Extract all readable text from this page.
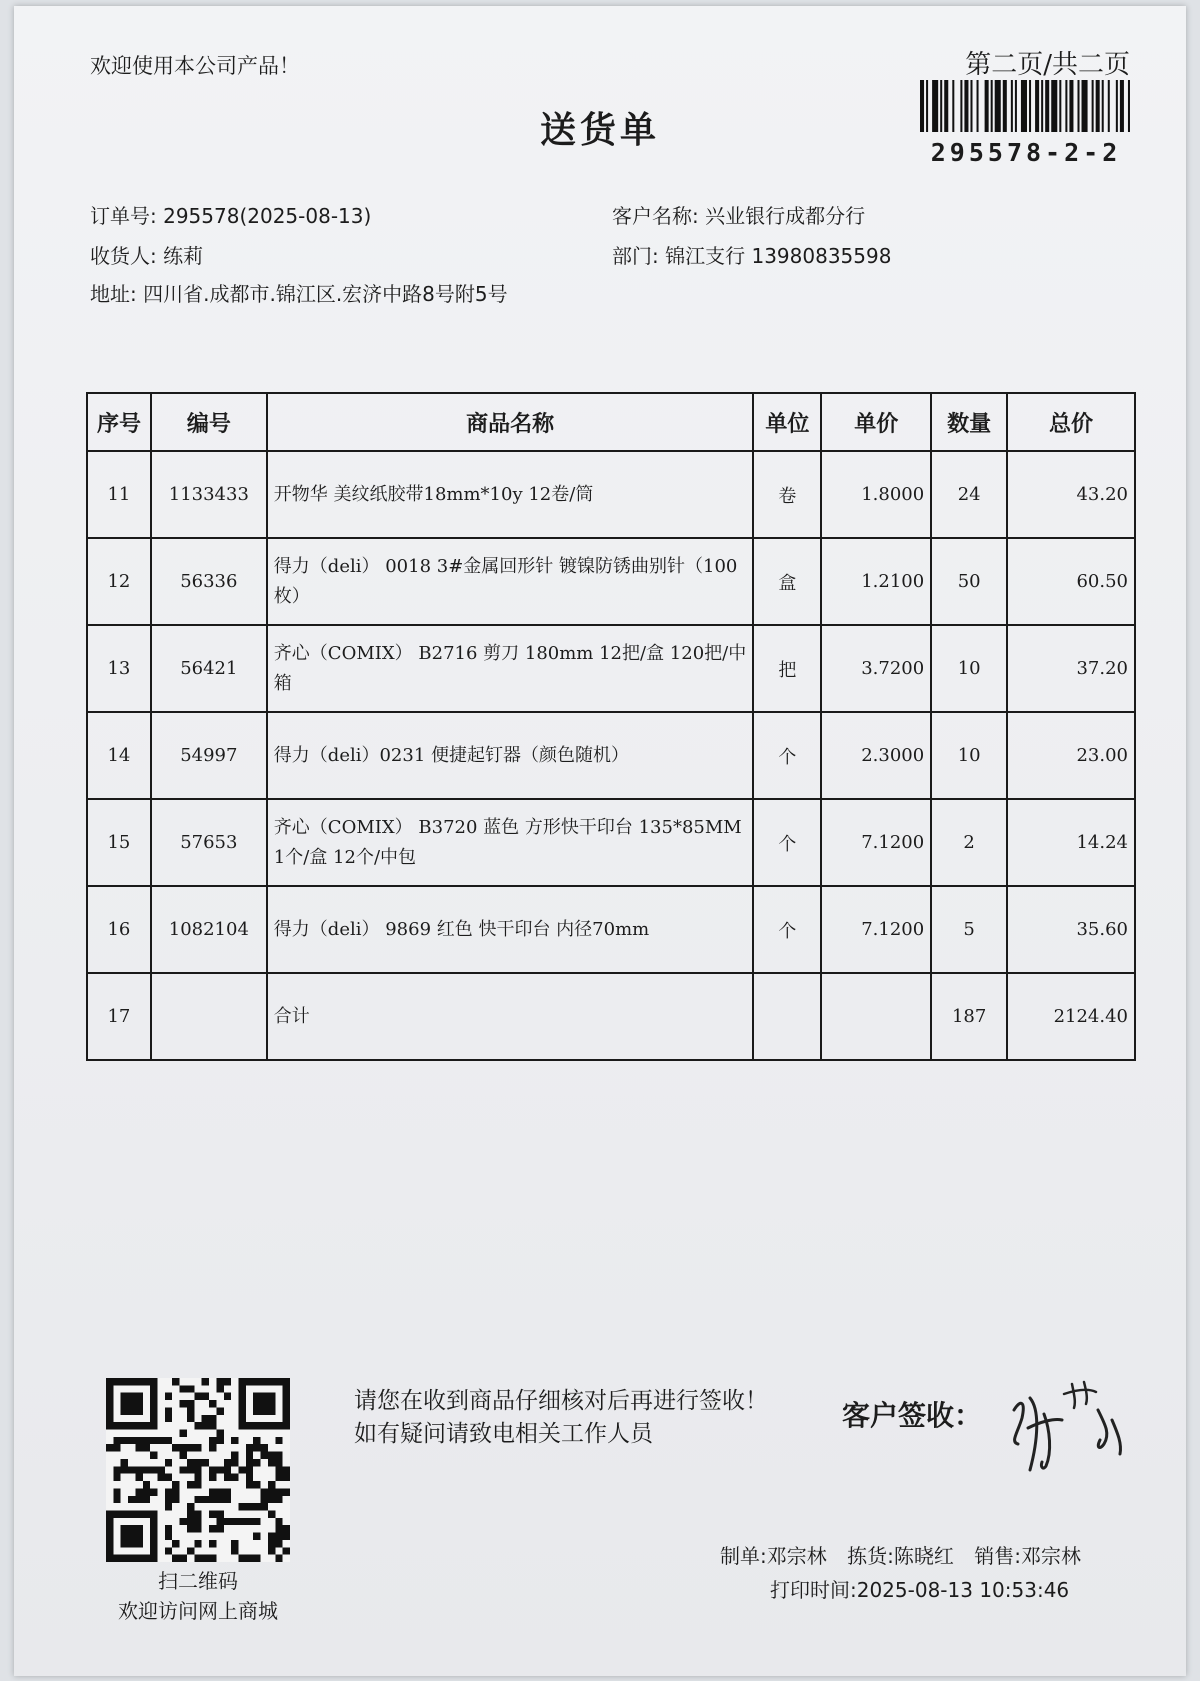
欢迎使用本公司产品！	第二页/共二页
295578-2-2
送货单
订单号: 295578(2025-08-13)
收货人: 练莉
地址: 四川省.成都市.锦江区.宏济中路8号附5号
客户名称: 兴业银行成都分行
部门: 锦江支行 13980835598
序号	编号	商品名称	单位	单价	数量	总价
11	1133433	开物华 美纹纸胶带18mm*10y 12卷/筒	卷	1.8000	24	43.20
12	56336	得力（deli） 0018 3#金属回形针 镀镍防锈曲别针（100枚）	盒	1.2100	50	60.50
13	56421	齐心（COMIX） B2716 剪刀 180mm 12把/盒 120把/中箱	把	3.7200	10	37.20
14	54997	得力（deli）0231 便捷起钉器（颜色随机）	个	2.3000	10	23.00
15	57653	齐心（COMIX） B3720 蓝色 方形快干印台 135*85MM 1个/盒 12个/中包	个	7.1200	2	14.24
16	1082104	得力（deli） 9869 红色 快干印台 内径70mm	个	7.1200	5	35.60
17		合计			187	2124.40
扫二维码
欢迎访问网上商城
请您在收到商品仔细核对后再进行签收！如有疑问请致电相关工作人员
客户签收：
制单:邓宗林 拣货:陈晓红 销售:邓宗林
打印时间:2025-08-13 10:53:46
